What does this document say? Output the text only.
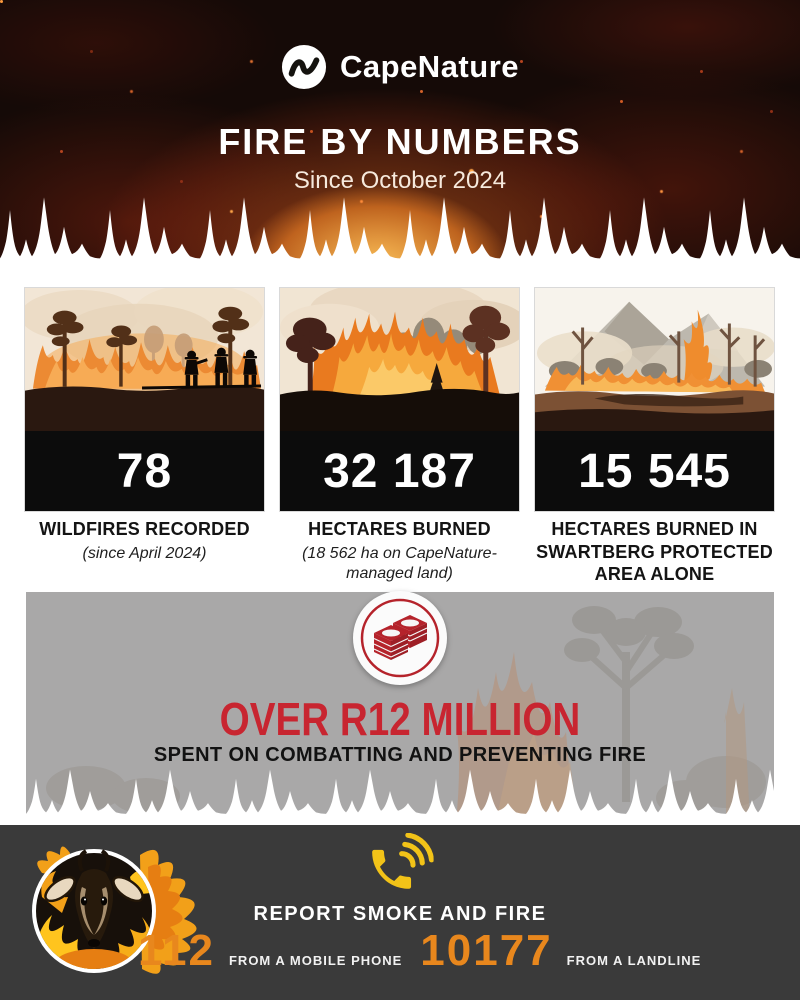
CapeNature
FIRE BY NUMBERS
Since October 2024
78	32 187	15 545
WILDFIRES RECORDED
(since April 2024)
HECTARES BURNED
(18 562 ha on CapeNature-managed land)
HECTARES BURNED IN SWARTBERG PROTECTED AREA ALONE
OVER R12 MILLION
SPENT ON COMBATTING AND PREVENTING FIRE
REPORT SMOKE AND FIRE
112 FROM A MOBILE PHONE 10177 FROM A LANDLINE
